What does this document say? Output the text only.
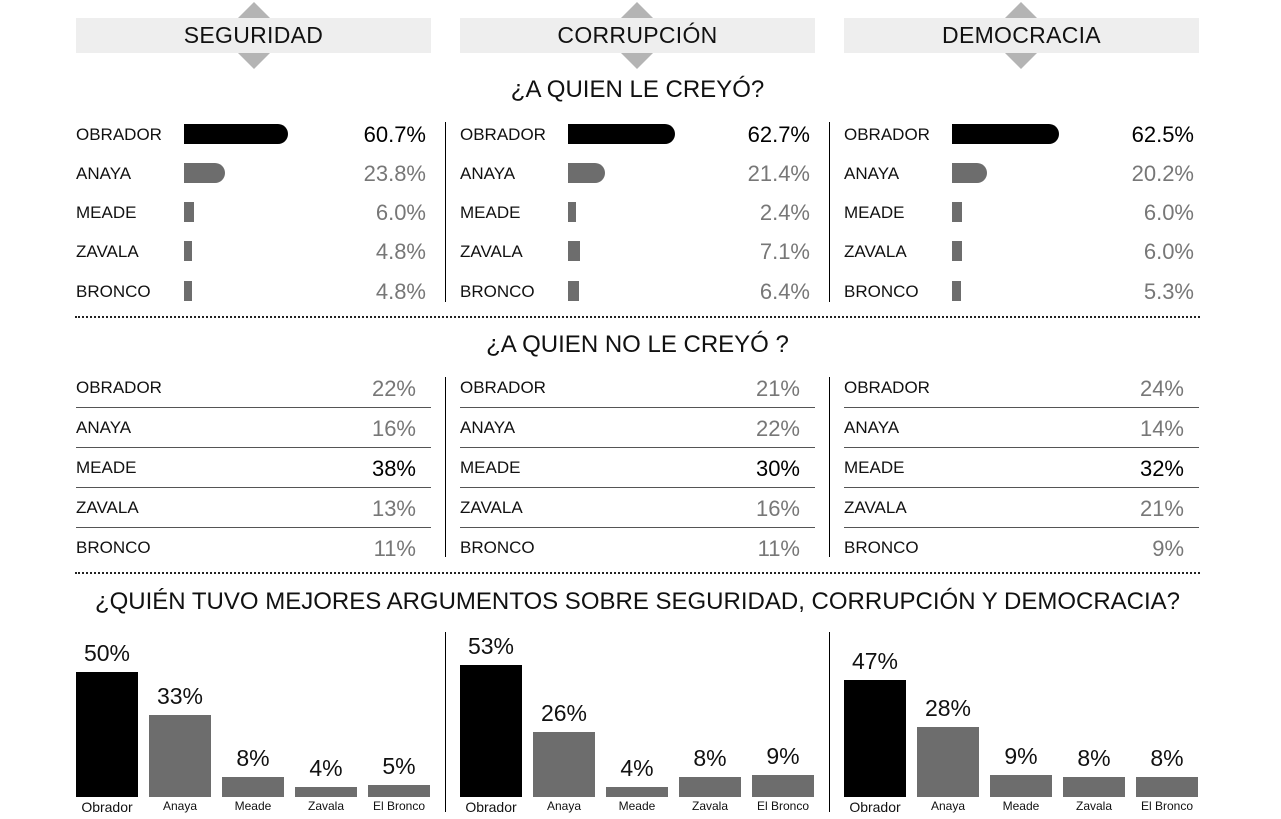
SEGURIDAD	CORRUPCIÓN	DEMOCRACIA
¿A QUIEN LE CREYÓ?
¿A QUIEN NO LE CREYÓ ?
¿QUIÉN TUVO MEJORES ARGUMENTOS SOBRE SEGURIDAD, CORRUPCIÓN Y DEMOCRACIA?
OBRADOR	60.7%
ANAYA	23.8%
MEADE	6.0%
ZAVALA	4.8%
BRONCO	4.8%
OBRADOR	62.7%
ANAYA	21.4%
MEADE	2.4%
ZAVALA	7.1%
BRONCO	6.4%
OBRADOR	62.5%
ANAYA	20.2%
MEADE	6.0%
ZAVALA	6.0%
BRONCO	5.3%
OBRADOR	22%
ANAYA	16%
MEADE	38%
ZAVALA	13%
BRONCO	11%
OBRADOR	21%
ANAYA	22%
MEADE	30%
ZAVALA	16%
BRONCO	11%
OBRADOR	24%
ANAYA	14%
MEADE	32%
ZAVALA	21%
BRONCO	9%
50%
Obrador
33%
Anaya
8%
Meade
4%
Zavala
5%
El Bronco
53%
Obrador
26%
Anaya
4%
Meade
8%
Zavala
9%
El Bronco
47%
Obrador
28%
Anaya
9%
Meade
8%
Zavala
8%
El Bronco
